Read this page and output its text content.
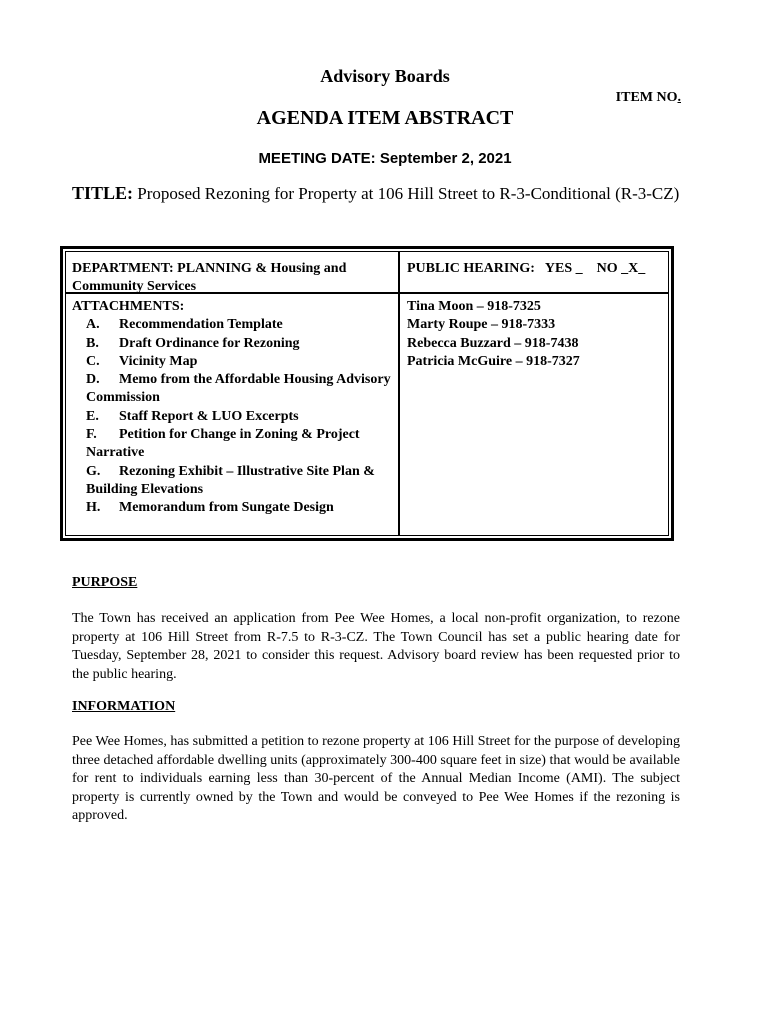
Advisory Boards
ITEM NO.
AGENDA ITEM ABSTRACT
MEETING DATE: September 2, 2021
TITLE: Proposed Rezoning for Property at 106 Hill Street to R-3-Conditional (R-3-CZ)
DEPARTMENT: PLANNING & Housing and Community Services
PUBLIC HEARING:   YES _    NO _X_
ATTACHMENTS:
A. Recommendation Template
B. Draft Ordinance for Rezoning
C. Vicinity Map
D. Memo from the Affordable Housing Advisory Commission
E. Staff Report & LUO Excerpts
F. Petition for Change in Zoning & Project Narrative
G. Rezoning Exhibit – Illustrative Site Plan & Building Elevations
H. Memorandum from Sungate Design
Tina Moon – 918-7325
Marty Roupe – 918-7333
Rebecca Buzzard – 918-7438
Patricia McGuire – 918-7327
PURPOSE
The Town has received an application from Pee Wee Homes, a local non-profit organization, to rezone property at 106 Hill Street from R-7.5 to R-3-CZ. The Town Council has set a public hearing date for Tuesday, September 28, 2021 to consider this request. Advisory board review has been requested prior to the public hearing.
INFORMATION
Pee Wee Homes, has submitted a petition to rezone property at 106 Hill Street for the purpose of developing three detached affordable dwelling units (approximately 300-400 square feet in size) that would be available for rent to individuals earning less than 30-percent of the Annual Median Income (AMI). The subject property is currently owned by the Town and would be conveyed to Pee Wee Homes if the rezoning is approved.
